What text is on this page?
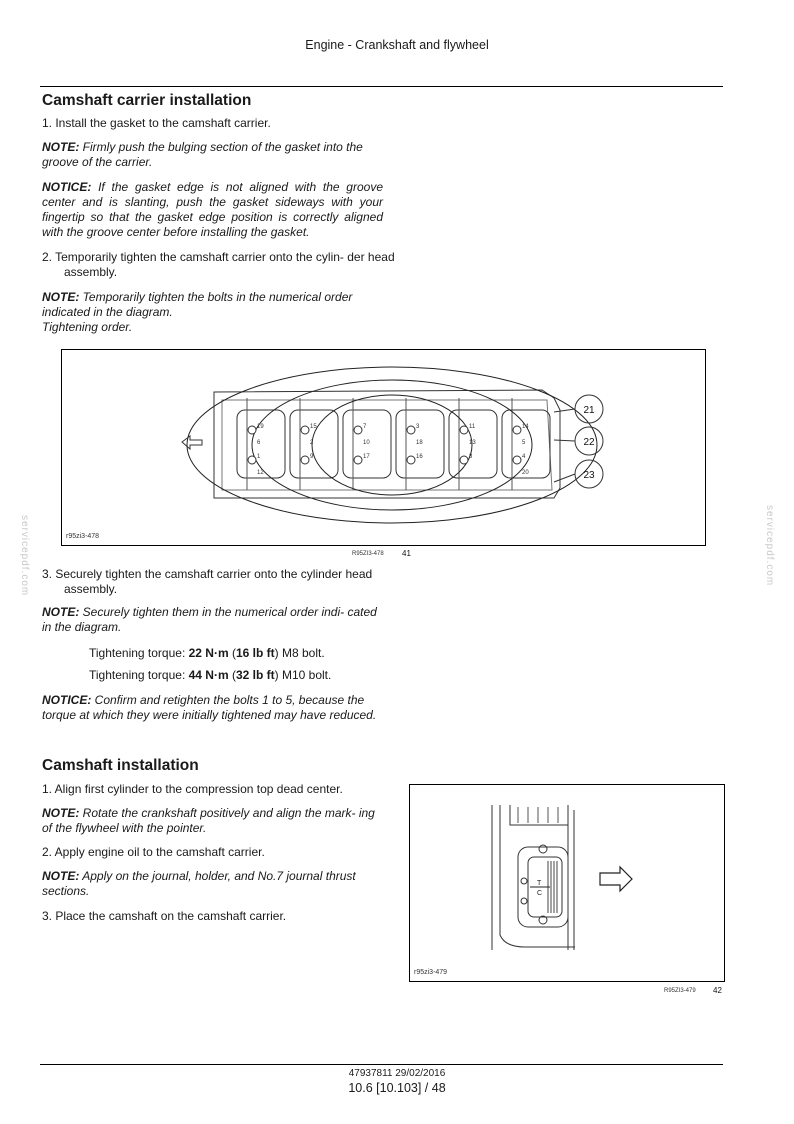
Engine - Crankshaft and flywheel
Camshaft carrier installation
1. Install the gasket to the camshaft carrier.
NOTE: Firmly push the bulging section of the gasket into the groove of the carrier.
NOTICE: If the gasket edge is not aligned with the groove center and is slanting, push the gasket sideways with your fingertip so that the gasket edge position is correctly aligned with the groove center before installing the gasket.
2. Temporarily tighten the camshaft carrier onto the cylin- der head assembly.
NOTE: Temporarily tighten the bolts in the numerical order indicated in the diagram.
Tightening order.
19	15	7	3	11	14
6	2	10	18	13	5
1	9	17	16	8	4
12	20
21
22
23
r95zi3-478
R95ZI3-478 41
3. Securely tighten the camshaft carrier onto the cylinder head assembly.
NOTE: Securely tighten them in the numerical order indi- cated in the diagram.
Tightening torque: 22 N·m (16 lb ft) M8 bolt.
Tightening torque: 44 N·m (32 lb ft) M10 bolt.
NOTICE: Confirm and retighten the bolts 1 to 5, because the torque at which they were initially tightened may have reduced.
Camshaft installation
1. Align first cylinder to the compression top dead center.
NOTE: Rotate the crankshaft positively and align the mark- ing of the flywheel with the pointer.
2. Apply engine oil to the camshaft carrier.
NOTE: Apply on the journal, holder, and No.7 journal thrust sections.
3. Place the camshaft on the camshaft carrier.
T
C
r95zi3-479
R95ZI3-479 42
servicepdf.com	servicepdf.com
47937811 29/02/2016
10.6 [10.103] / 48
